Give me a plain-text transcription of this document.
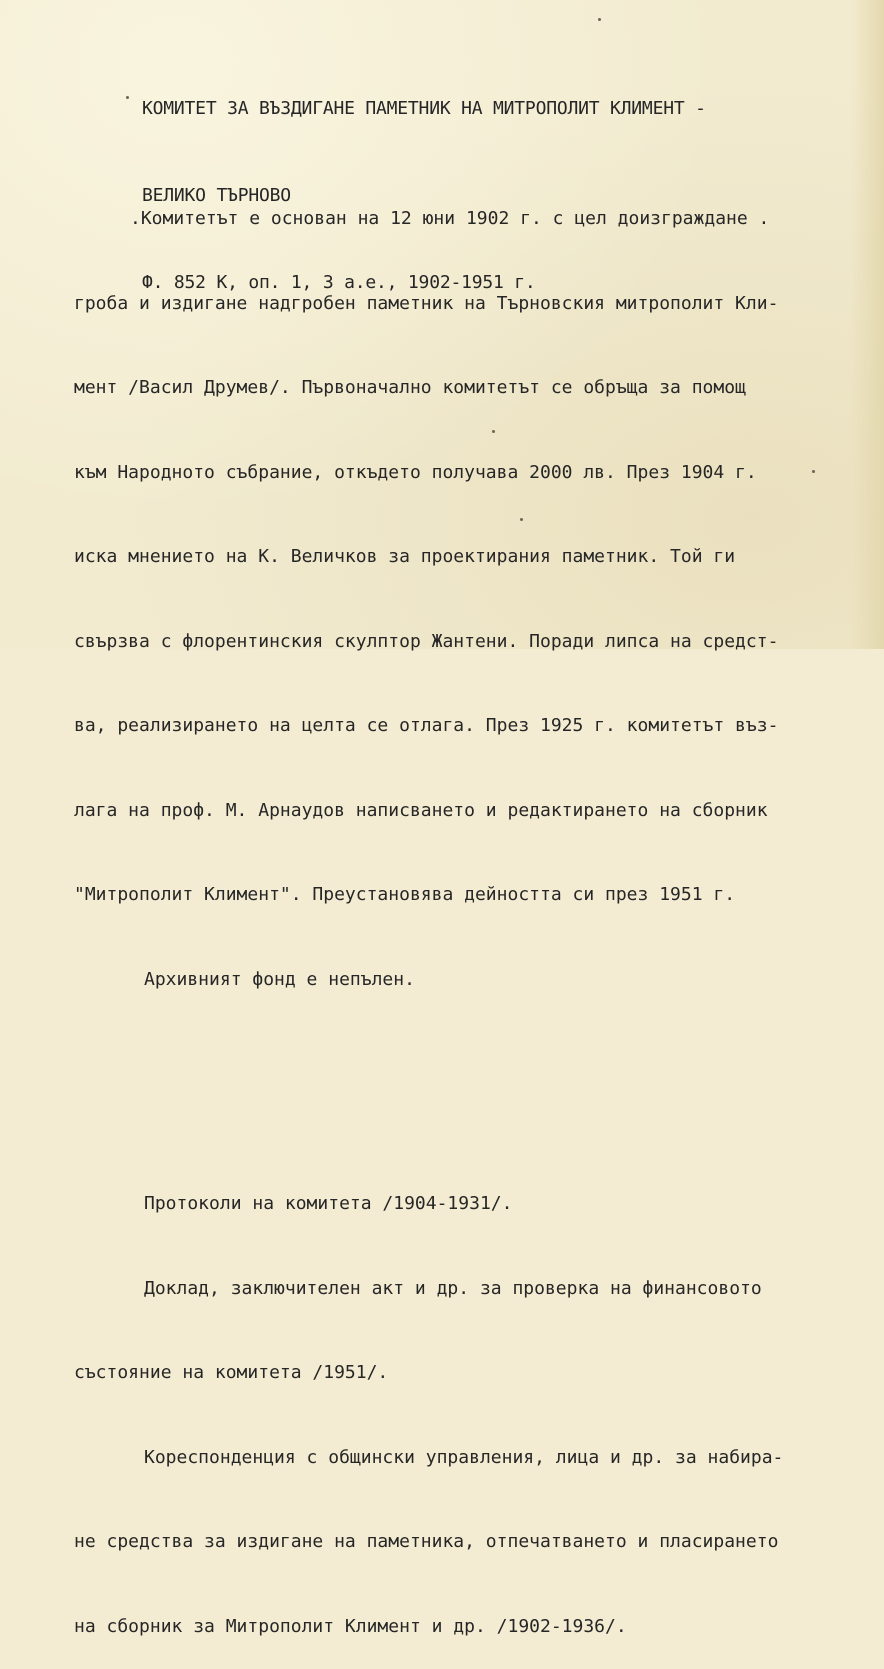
КОМИТЕТ ЗА ВЪЗДИГАНЕ ПАМЕТНИК НА МИТРОПОЛИТ КЛИМЕНТ -

ВЕЛИКО ТЪРНОВО

Ф. 852 К, оп. 1, 3 а.е., 1902-1951 г.

.Комитетът е основан на 12 юни 1902 г. с цел доизграждане .

гроба и издигане надгробен паметник на Търновския митрополит Кли-

мент /Васил Друмев/. Първоначално комитетът се обръща за помощ

към Народното събрание, откъдето получава 2000 лв. През 1904 г.

иска мнението на К. Величков за проектирания паметник. Той ги

свързва с флорентинския скулптор Жантени. Поради липса на средст-

ва, реализирането на целта се отлага. През 1925 г. комитетът въз-

лага на проф. М. Арнаудов написването и редактирането на сборник

"Митрополит Климент". Преустановява дейността си през 1951 г.

Архивният фонд е непълен.

Протоколи на комитета /1904-1931/.

Доклад, заключителен акт и др. за проверка на финансовото

състояние на комитета /1951/.

Кореспонденция с общински управления, лица и др. за набира-

не средства за издигане на паметника, отпечатването и пласирането

на сборник за Митрополит Климент и др. /1902-1936/.
